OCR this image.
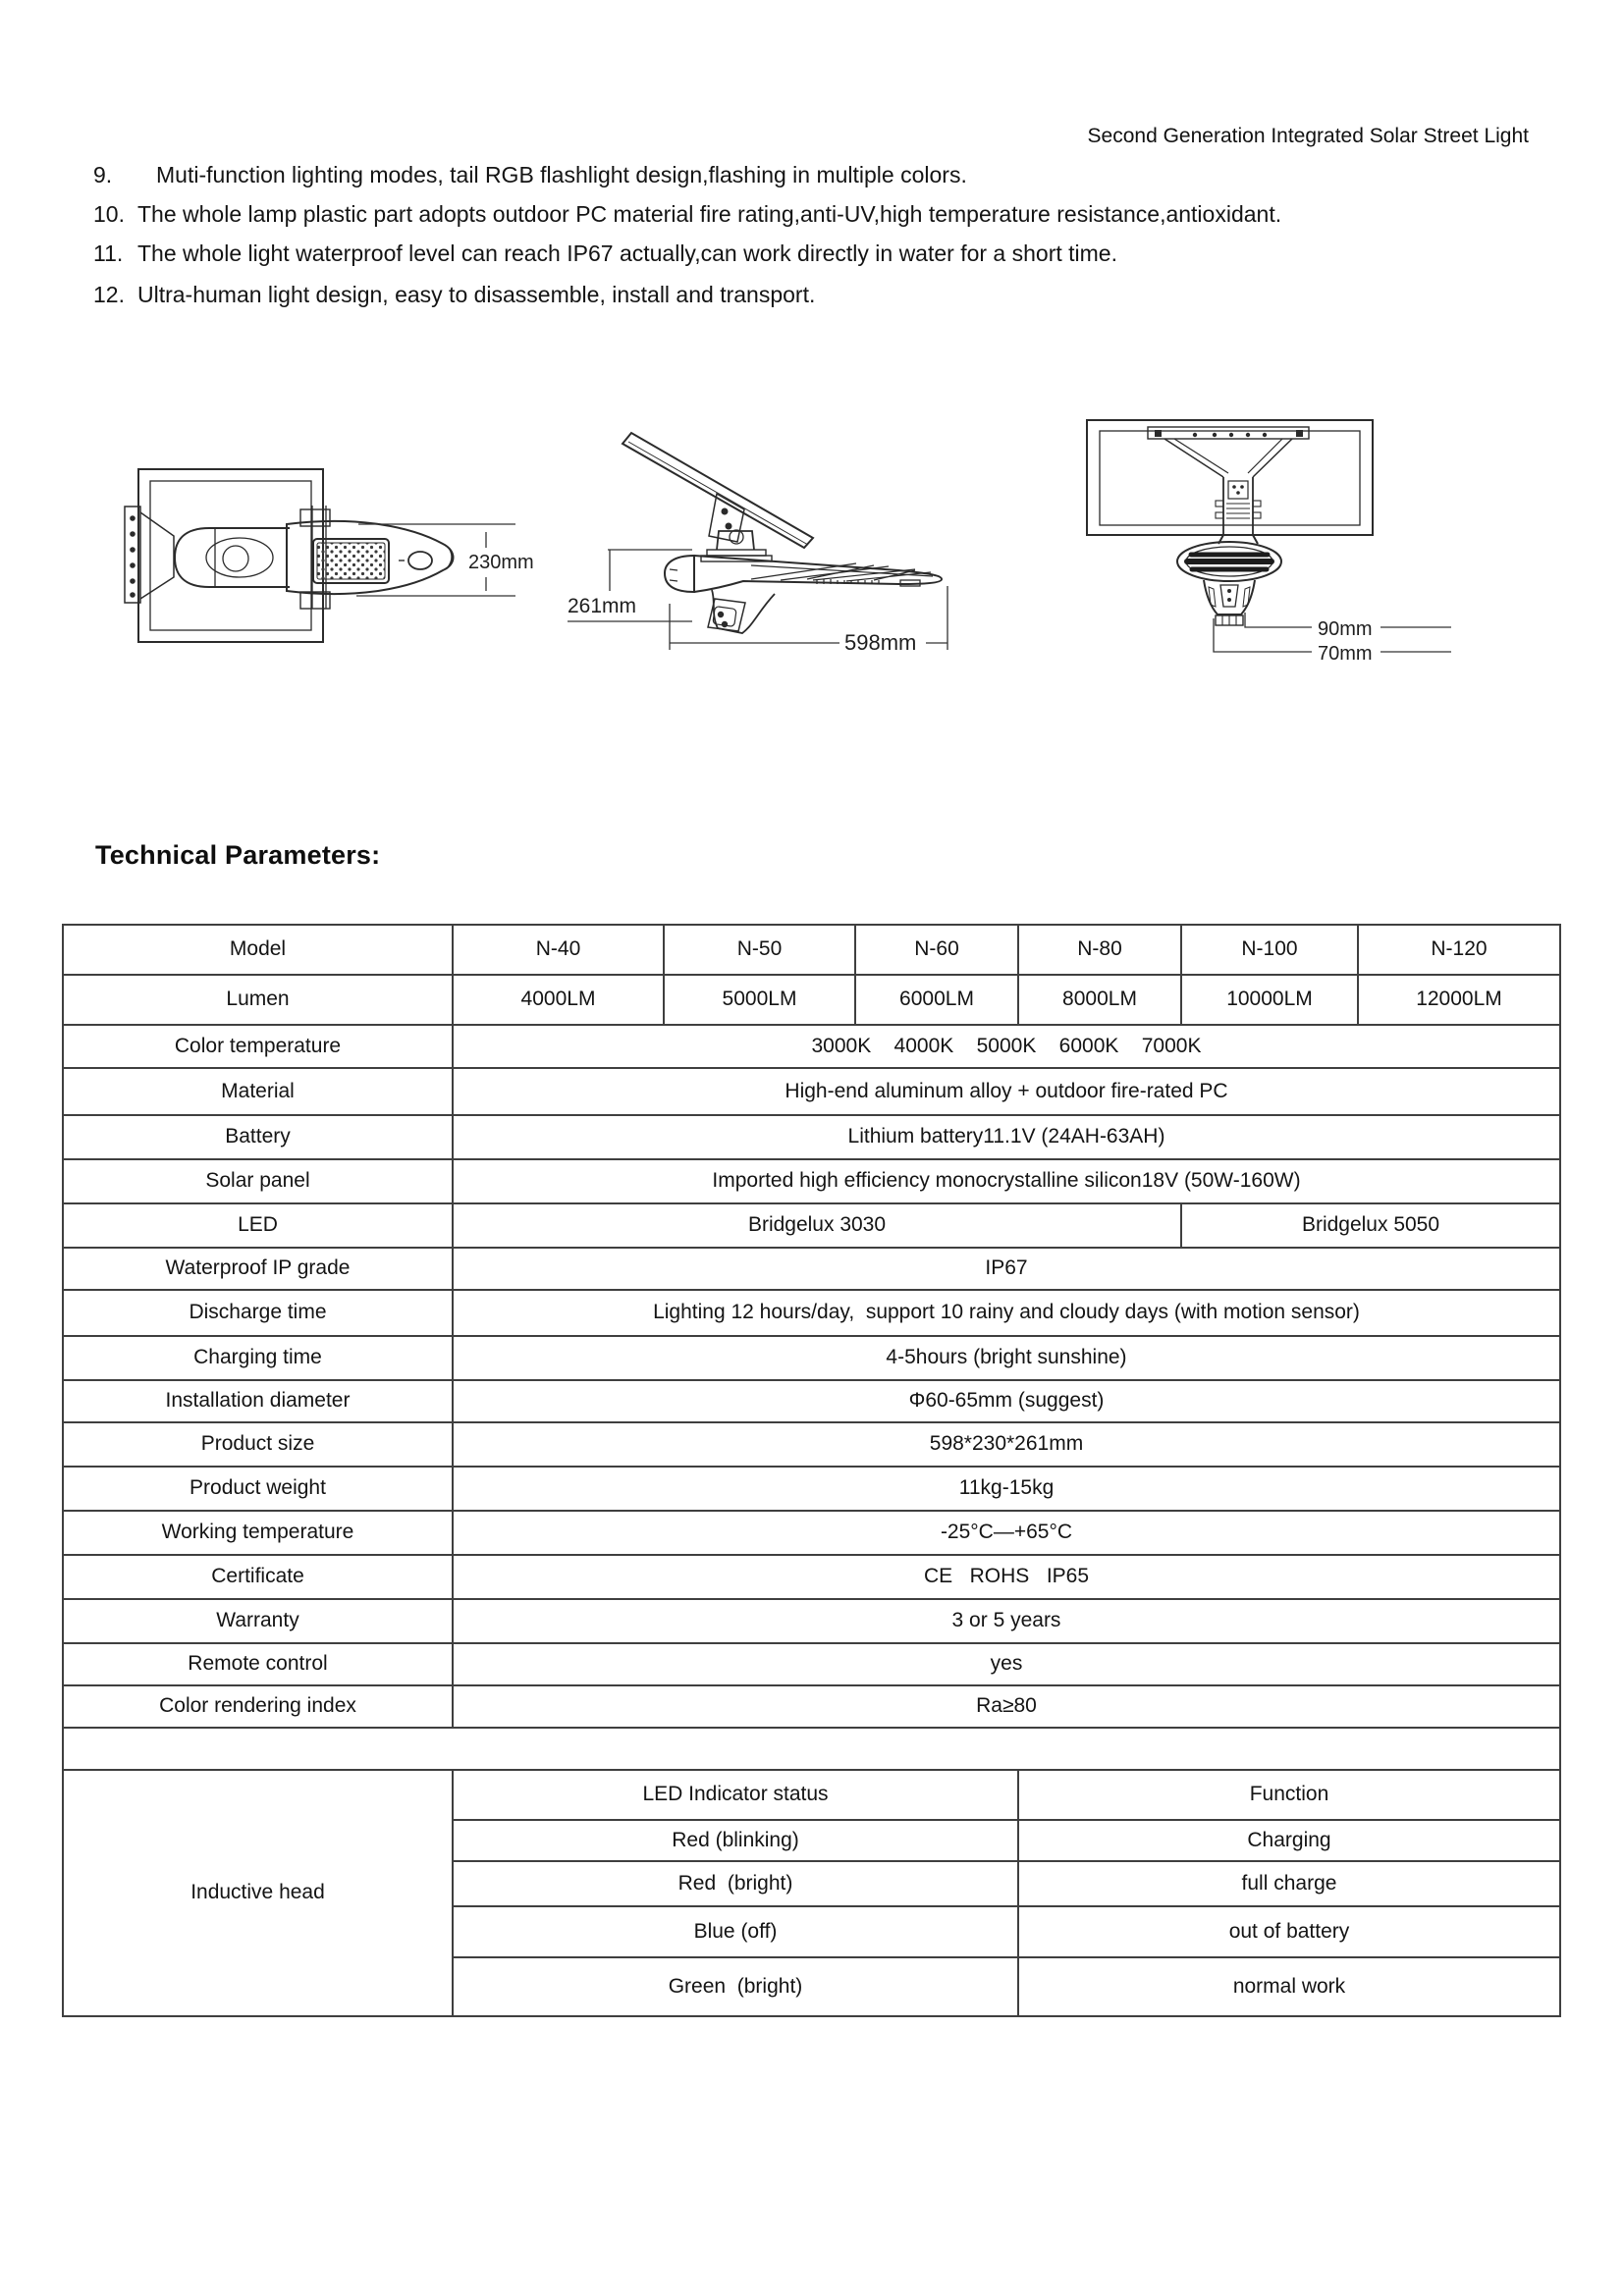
Second Generation Integrated Solar Street Light
9.	Muti-function lighting modes, tail RGB flashlight design,flashing in multiple colors.
10. The whole lamp plastic part adopts outdoor PC material fire rating,anti-UV,high temperature resistance,antioxidant.
11. The whole light waterproof level can reach IP67 actually,can work directly in water for a short time.
12. Ultra-human light design, easy to disassemble, install and transport.
230mm
261mm
598mm
90mm
70mm
Technical Parameters:
Model	N-40	N-50	N-60	N-80	N-100	N-120
Lumen	4000LM	5000LM	6000LM	8000LM	10000LM	12000LM
Color temperature	3000K    4000K    5000K    6000K    7000K					
Material	High-end aluminum alloy + outdoor fire-rated PC					
Battery	Lithium battery11.1V (24AH-63AH)					
Solar panel	Imported high efficiency monocrystalline silicon18V (50W-160W)					
LED	Bridgelux 3030				Bridgelux 5050	
Waterproof IP grade	IP67					
Discharge time	Lighting 12 hours/day,  support 10 rainy and cloudy days (with motion sensor)					
Charging time	4-5hours (bright sunshine)					
Installation diameter	Φ60-65mm (suggest)					
Product size	598*230*261mm					
Product weight	11kg-15kg					
Working temperature	-25°C—+65°C					
Certificate	CE   ROHS   IP65					
Warranty	3 or 5 years					
Remote control	yes					
Color rendering index	Ra≥80					

Inductive head	LED Indicator status			Function		
	Red (blinking)			Charging		
	Red  (bright)			full charge		
	Blue (off)			out of battery		
	Green  (bright)			normal work		
